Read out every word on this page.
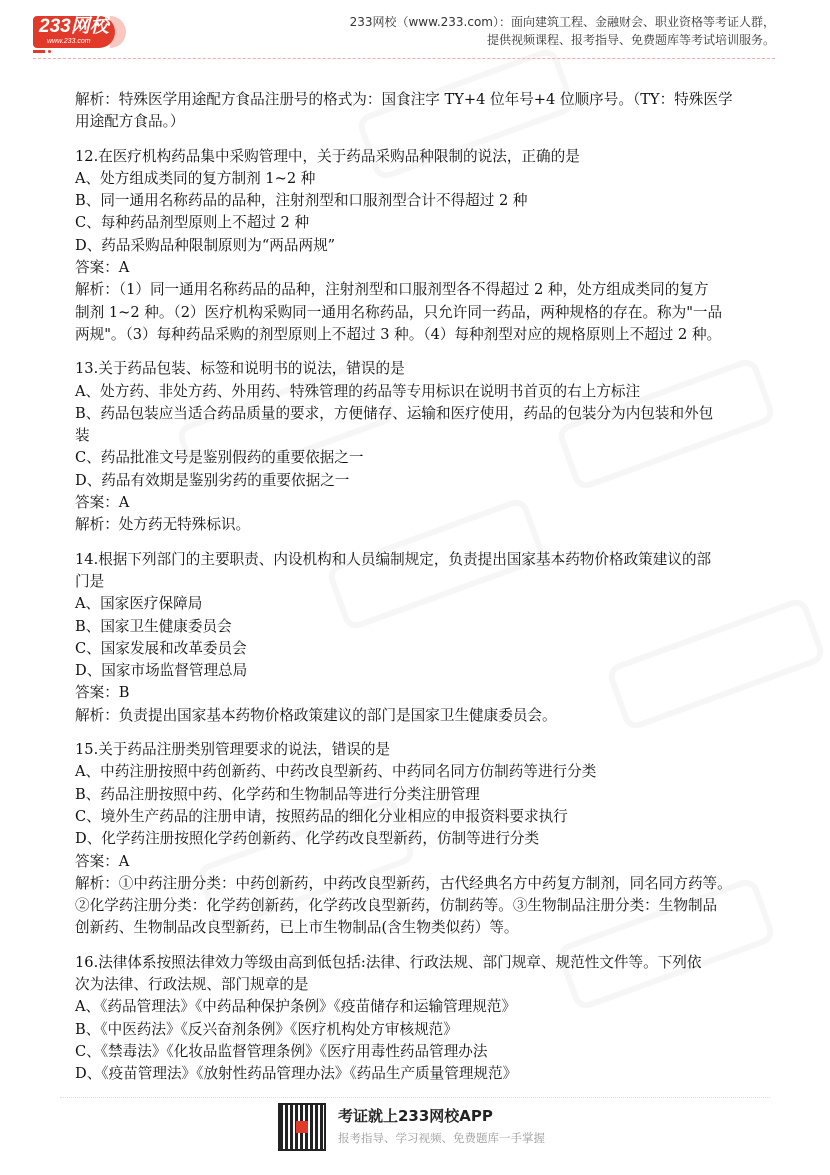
233网校
www.233.com
233网校（www.233.com）：面向建筑工程、金融财会、职业资格等考证人群，
提供视频课程、报考指导、免费题库等考试培训服务。
解析：特殊医学用途配方食品注册号的格式为：国食注字 TY+4 位年号+4 位顺序号。（TY：特殊医学
用途配方食品。）
12.在医疗机构药品集中采购管理中，关于药品采购品种限制的说法，正确的是
A、处方组成类同的复方制剂 1~2 种
B、同一通用名称药品的品种，注射剂型和口服剂型合计不得超过 2 种
C、每种药品剂型原则上不超过 2 种
D、药品采购品种限制原则为“两品两规”
答案：A
解析：（1）同一通用名称药品的品种，注射剂型和口服剂型各不得超过 2 种，处方组成类同的复方
制剂 1~2 种。（2）医疗机构采购同一通用名称药品，只允许同一药品，两种规格的存在。称为"一品
两规"。（3）每种药品采购的剂型原则上不超过 3 种。（4）每种剂型对应的规格原则上不超过 2 种。
13.关于药品包装、标签和说明书的说法，错误的是
A、处方药、非处方药、外用药、特殊管理的药品等专用标识在说明书首页的右上方标注
B、药品包装应当适合药品质量的要求，方便储存、运输和医疗使用，药品的包装分为内包装和外包
装
C、药品批准文号是鉴别假药的重要依据之一
D、药品有效期是鉴别劣药的重要依据之一
答案：A
解析：处方药无特殊标识。
14.根据下列部门的主要职责、内设机构和人员编制规定，负责提出国家基本药物价格政策建议的部
门是
A、国家医疗保障局
B、国家卫生健康委员会
C、国家发展和改革委员会
D、国家市场监督管理总局
答案：B
解析：负责提出国家基本药物价格政策建议的部门是国家卫生健康委员会。
15.关于药品注册类别管理要求的说法，错误的是
A、中药注册按照中药创新药、中药改良型新药、中药同名同方仿制药等进行分类
B、药品注册按照中药、化学药和生物制品等进行分类注册管理
C、境外生产药品的注册申请，按照药品的细化分业相应的申报资料要求执行
D、化学药注册按照化学药创新药、化学药改良型新药，仿制等进行分类
答案：A
解析：①中药注册分类：中药创新药，中药改良型新药，古代经典名方中药复方制剂，同名同方药等。
②化学药注册分类：化学药创新药，化学药改良型新药，仿制药等。③生物制品注册分类：生物制品
创新药、生物制品改良型新药，已上市生物制品(含生物类似药）等。
16.法律体系按照法律效力等级由高到低包括:法律、行政法规、部门规章、规范性文件等。下列依
次为法律、行政法规、部门规章的是
A、《药品管理法》《中药品种保护条例》《疫苗储存和运输管理规范》
B、《中医药法》《反兴奋剂条例》《医疗机构处方审核规范》
C、《禁毒法》《化妆品监督管理条例》《医疗用毒性药品管理办法
D、《疫苗管理法》《放射性药品管理办法》《药品生产质量管理规范》
考证就上233网校APP
报考指导、学习视频、免费题库一手掌握
